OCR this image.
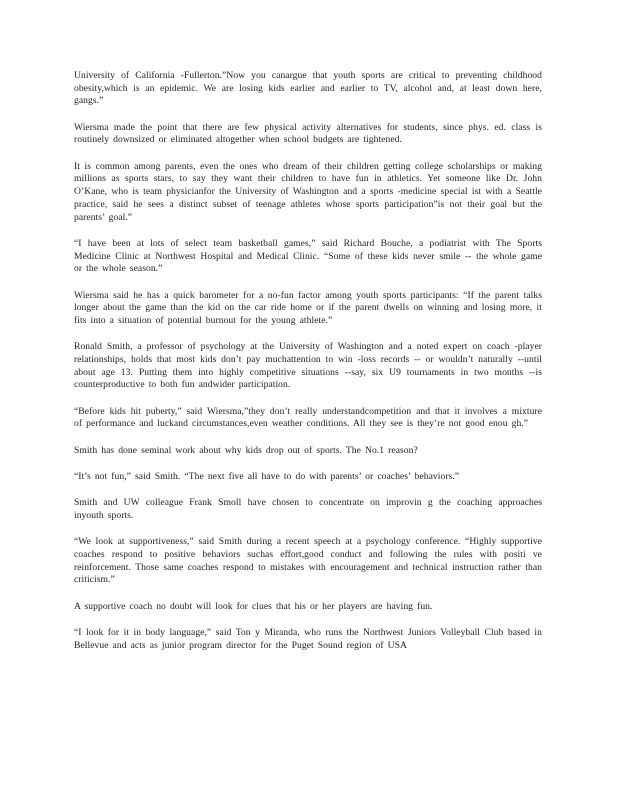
University of California -Fullerton.”Now you canargue that youth sports are critical to preventing childhood obesity,which is an epidemic. We are losing kids earlier and earlier to TV, alcohol and, at least down here, gangs.”

Wiersma made the point that there are few physical activity alternatives for students, since phys. ed. class is routinely downsized or eliminated altogether when school budgets are tightened.

It is common among parents, even the ones who dream of their children getting college scholarships or making millions as sports stars, to say they want their children to have fun in athletics. Yet someone like Dr. John O’Kane, who is team physicianfor the University of Washington and a sports -medicine special ist with a Seattle practice, said he sees a distinct subset of teenage athletes whose sports participation”is not their goal but the parents’ goal.”

“I have been at lots of select team basketball games,” said Richard Bouche, a podiatrist with The Sports Medicine Clinic at Northwest Hospital and Medical Clinic. “Some of these kids never smile -- the whole game or the whole season.”

Wiersma said he has a quick barometer for a no-fun factor among youth sports participants: “If the parent talks longer about the game than the kid on the car ride home or if the parent dwells on winning and losing more, it fits into a situation of potential burnout for the young athlete.”

Ronald Smith, a professor of psychology at the University of Washington and a noted expert on coach -player relationships, holds that most kids don’t pay muchattention to win -loss records -- or wouldn’t naturally --until about age 13. Putting them into highly competitive situations --say, six U9 tournaments in two months --is counterproductive to both fun andwider participation.

“Before kids hit puberty,” said Wiersma,”they don’t really understandcompetition and that it involves a mixture of performance and luckand circumstances,even weather conditions. All they see is they’re not good enou gh.”

Smith has done seminal work about why kids drop out of sports. The No.1 reason?

“It’s not fun,” said Smith. “The next five all have to do with parents’ or coaches’ behaviors.”

Smith and UW colleague Frank Smoll have chosen to concentrate on improvin g the coaching approaches inyouth sports.

“We look at supportiveness,” said Smith during a recent speech at a psychology conference. “Highly supportive coaches respond to positive behaviors suchas effort,good conduct and following the rules with positi ve reinforcement. Those same coaches respond to mistakes with encouragement and technical instruction rather than criticism.”

A supportive coach no doubt will look for clues that his or her players are having fun.

“I look for it in body language,” said Ton y Miranda, who runs the Northwest Juniors Volleyball Club based in Bellevue and acts as junior program director for the Puget Sound region of USA
